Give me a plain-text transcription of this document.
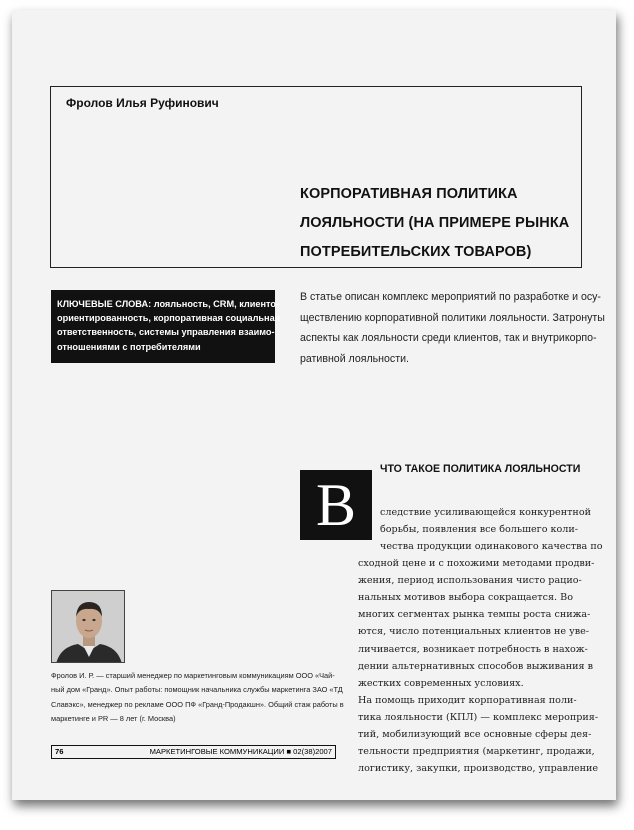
Фролов Илья Руфинович
КОРПОРАТИВНАЯ ПОЛИТИКА
ЛОЯЛЬНОСТИ (НА ПРИМЕРЕ РЫНКА
ПОТРЕБИТЕЛЬСКИХ ТОВАРОВ)
КЛЮЧЕВЫЕ СЛОВА: лояльность, CRM, клиенто-
ориентированность, корпоративная социальная
ответственность, системы управления взаимо-
отношениями с потребителями
В статье описан комплекс мероприятий по разработке и осу-
ществлению корпоративной политики лояльности. Затронуты
аспекты как лояльности среди клиентов, так и внутрикорпо-
ративной лояльности.
ЧТО ТАКОЕ ПОЛИТИКА ЛОЯЛЬНОСТИ
В	следствие усиливающейся конкурентной
борьбы, появления все большего коли-
чества продукции одинакового качества по
сходной цене и с похожими методами продви-
жения, период использования чисто рацио-
нальных мотивов выбора сокращается. Во
многих сегментах рынка темпы роста снижа-
ются, число потенциальных клиентов не уве-
личивается, возникает потребность в нахож-
дении альтернативных способов выживания в
жестких современных условиях.
На помощь приходит корпоративная поли-
тика лояльности (КПЛ) — комплекс мероприя-
тий, мобилизующий все основные сферы дея-
тельности предприятия (маркетинг, продажи,
логистику, закупки, производство, управление
Фролов И. Р. — старший менеджер по маркетинговым коммуникациям ООО «Чай-
ный дом «Гранд». Опыт работы: помощник начальника службы маркетинга ЗАО «ТД
Славэкс», менеджер по рекламе ООО ПФ «Гранд-Продакшн». Общий стаж работы в
маркетинге и PR — 8 лет (г. Москва)
76	МАРКЕТИНГОВЫЕ КОММУНИКАЦИИ ■ 02(38)2007
